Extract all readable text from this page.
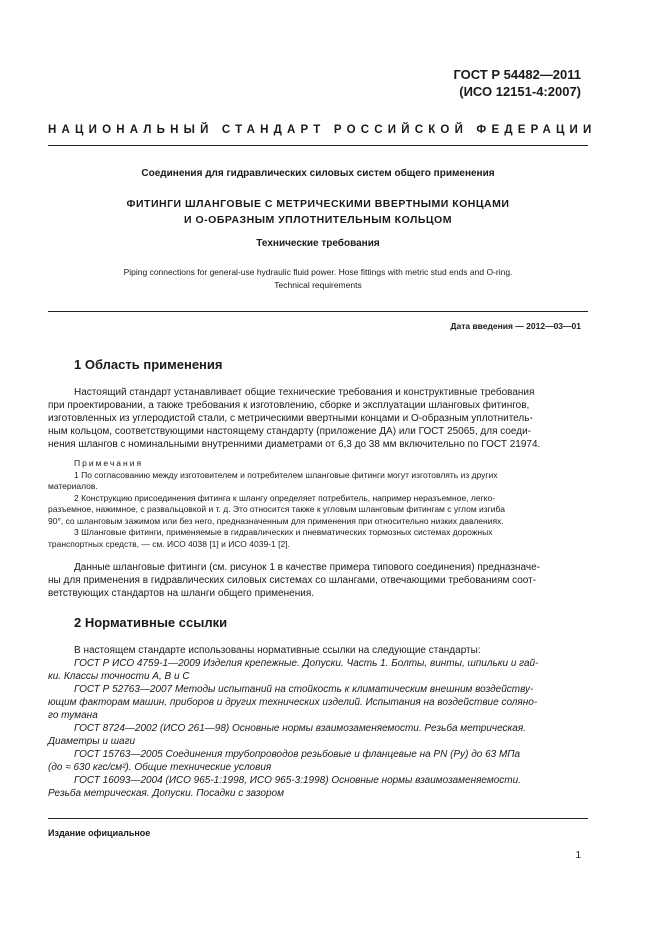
ГОСТ Р 54482—2011
(ИСО 12151-4:2007)
НАЦИОНАЛЬНЫЙ СТАНДАРТ РОССИЙСКОЙ ФЕДЕРАЦИИ
Соединения для гидравлических силовых систем общего применения
ФИТИНГИ ШЛАНГОВЫЕ С МЕТРИЧЕСКИМИ ВВЕРТНЫМИ КОНЦАМИ
И О-ОБРАЗНЫМ УПЛОТНИТЕЛЬНЫМ КОЛЬЦОМ
Технические требования
Piping connections for general-use hydraulic fluid power. Hose fittings with metric stud ends and O-ring.
Technical requirements
Дата введения — 2012—03—01
1 Область применения
Настоящий стандарт устанавливает общие технические требования и конструктивные требования
при проектировании, а также требования к изготовлению, сборке и эксплуатации шланговых фитингов,
изготовленных из углеродистой стали, с метрическими ввертными концами и О-образным уплотнитель-
ным кольцом, соответствующими настоящему стандарту (приложение ДА) или ГОСТ 25065, для соеди-
нения шлангов с номинальными внутренними диаметрами от 6,3 до 38 мм включительно по ГОСТ 21974.
Примечания
1 По согласованию между изготовителем и потребителем шланговые фитинги могут изготовлять из других
материалов.
2 Конструкцию присоединения фитинга к шлангу определяет потребитель, например неразъемное, легко-
разъемное, нажимное, с развальцовкой и т. д. Это относится также к угловым шланговым фитингам с углом изгиба
90°, со шланговым зажимом или без него, предназначенным для применения при относительно низких давлениях.
3 Шланговые фитинги, применяемые в гидравлических и пневматических тормозных системах дорожных
транспортных средств, — см. ИСО 4038 [1] и ИСО 4039-1 [2].
Данные шланговые фитинги (см. рисунок 1 в качестве примера типового соединения) предназначе-
ны для применения в гидравлических силовых системах со шлангами, отвечающими требованиям соот-
ветствующих стандартов на шланги общего применения.
2 Нормативные ссылки
В настоящем стандарте использованы нормативные ссылки на следующие стандарты:
ГОСТ Р ИСО 4759-1—2009 Изделия крепежные. Допуски. Часть 1. Болты, винты, шпильки и гай-
ки. Классы точности A, B и C
ГОСТ Р 52763—2007 Методы испытаний на стойкость к климатическим внешним воздейству-
ющим факторам машин, приборов и других технических изделий. Испытания на воздействие соляно-
го тумана
ГОСТ 8724—2002 (ИСО 261—98) Основные нормы взаимозаменяемости. Резьба метрическая.
Диаметры и шаги
ГОСТ 15763—2005 Соединения трубопроводов резьбовые и фланцевые на PN (Py) до 63 МПа
(до ≈ 630 кгс/см²). Общие технические условия
ГОСТ 16093—2004 (ИСО 965-1:1998, ИСО 965-3:1998) Основные нормы взаимозаменяемости.
Резьба метрическая. Допуски. Посадки с зазором
Издание официальное
1
